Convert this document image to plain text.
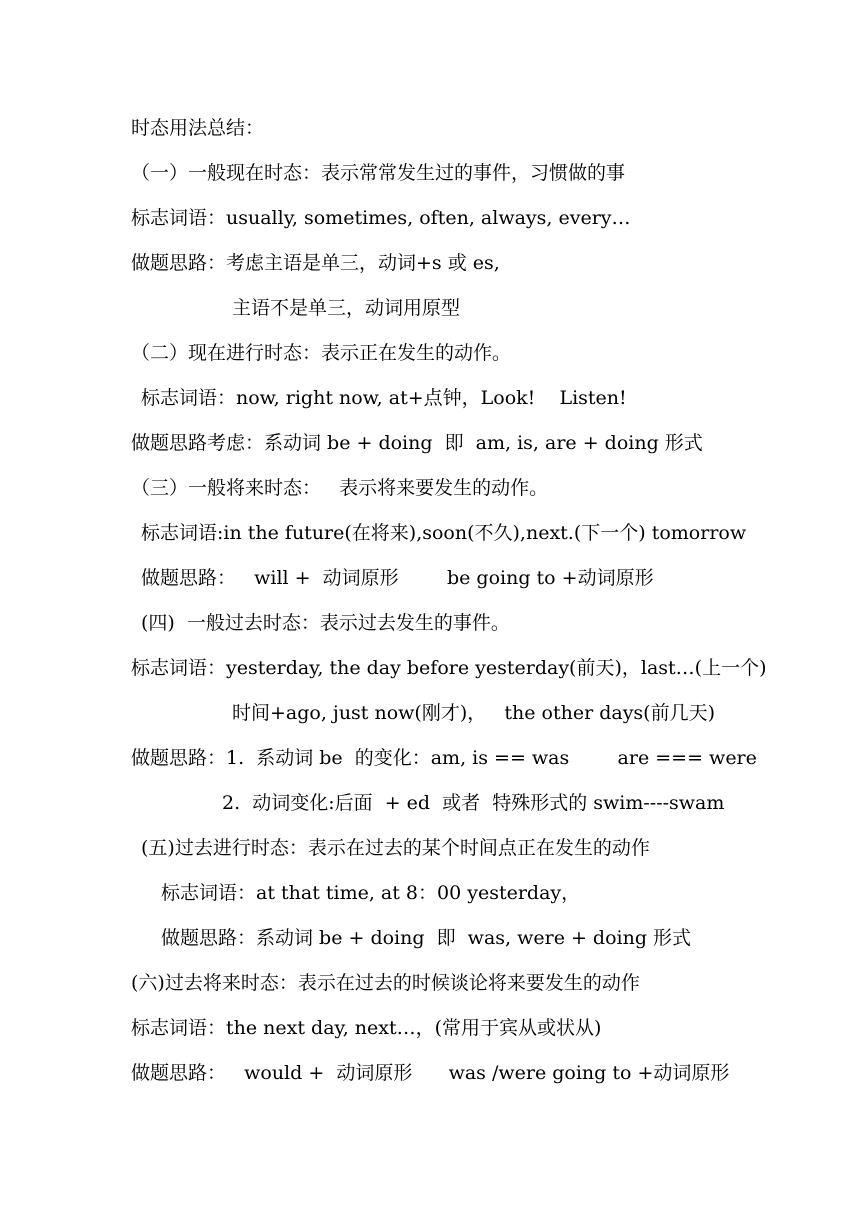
时态用法总结：
（一）一般现在时态：表示常常发生过的事件，习惯做的事
标志词语：usually, sometimes, often, always, every…
做题思路：考虑主语是单三，动词+s 或 es,
主语不是单三，动词用原型
（二）现在进行时态：表示正在发生的动作。
标志词语：now, right now, at+点钟，Look!    Listen!
做题思路考虑：系动词 be + doing  即  am, is, are + doing 形式
（三）一般将来时态：   表示将来要发生的动作。
标志词语:in the future(在将来),soon(不久),next.(下一个) tomorrow
做题思路：   will +  动词原形        be going to +动词原形
(四)  一般过去时态：表示过去发生的事件。
标志词语：yesterday, the day before yesterday(前天)，last…(上一个)
时间+ago, just now(刚才)，   the other days(前几天)
做题思路：1.  系动词 be  的变化：am, is == was        are === were
2.  动词变化:后面  + ed  或者  特殊形式的 swim----swam
(五)过去进行时态：表示在过去的某个时间点正在发生的动作
标志词语：at that time, at 8：00 yesterday，
做题思路：系动词 be + doing  即  was, were + doing 形式
(六)过去将来时态：表示在过去的时候谈论将来要发生的动作
标志词语：the next day, next…，(常用于宾从或状从)
做题思路：   would +  动词原形      was /were going to +动词原形
